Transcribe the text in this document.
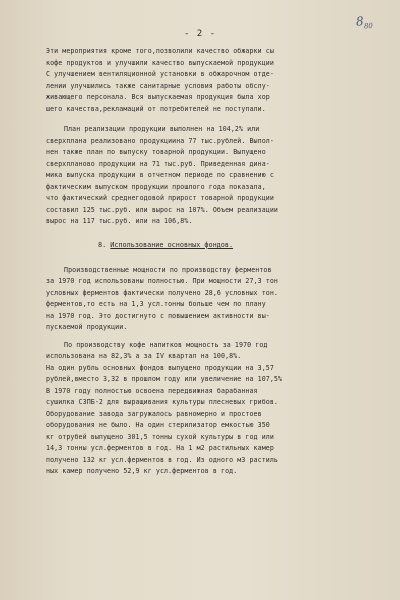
- 2 -
$8_{80}$
Эти мероприятия кроме того,позволили качество обжарки сы
кофе продуктов и улучшили качество выпускаемой продукции
С улучшением вентиляционной установки в обжарочном отде-
лении улучшились также санитарные условия работы обслу-
живающего персонала. Вся выпускаемая продукция была хор
шего качества,рекламаций от потребителей не поступали.
План реализации продукции выполнен на 104,2% или
сверхплана реализовано продукциина 77 тыс.рублей. Выпол-
нен также план по выпуску товарной продукции. Выпущено
сверхпланово продукции на 71 тыс.руб. Приведенная дина-
мика выпуска продукции в отчетном периоде по сравнению с
фактическим выпуском продукции прошлого года показала,
что фактический среднегодовой прирост товарной продукции
составил 125 тыс.руб. или вырос на 107%. Объем реализации
вырос на 117 тыс.руб. или на 106,8%.
8. Использование основных фондов.
Производственные мощности по производству ферментов
за 1970 год использованы полностью. При мощности 27,3 тон
условных ферментов фактически получено 28,6 условных тон.
ферментов,то есть на 1,3 усл.тонны больше чем по плану
на 1970 год. Это достигнуто с повышением активности вы-
пускаемой продукции.
По производству кофе напитков мощность за 1970 год
использована на 82,3% а за IV квартал на 100,8%.
На один рубль основных фондов выпущено продукции на 3,57
рублей,вместо 3,32 в прошлом году или увеличение на 107,5%
В 1970 году полностью освоена передвижная барабанная
сушилка СЗПБ-2 для выращивания культуры плесневых грибов.
Оборудование завода загружалось равномерно и простоев
оборудования не было. На один стерилизатор емкостью 350
кг отрубей выпущено 301,5 тонны сухой культуры в год или
14,3 тонны усл.ферментов в год. На 1 м2 растильных камер
получено 132 кг усл.ферментов в год. Из одного м3 растиль
ных камер получено 52,9 кг усл.ферментов в год.
